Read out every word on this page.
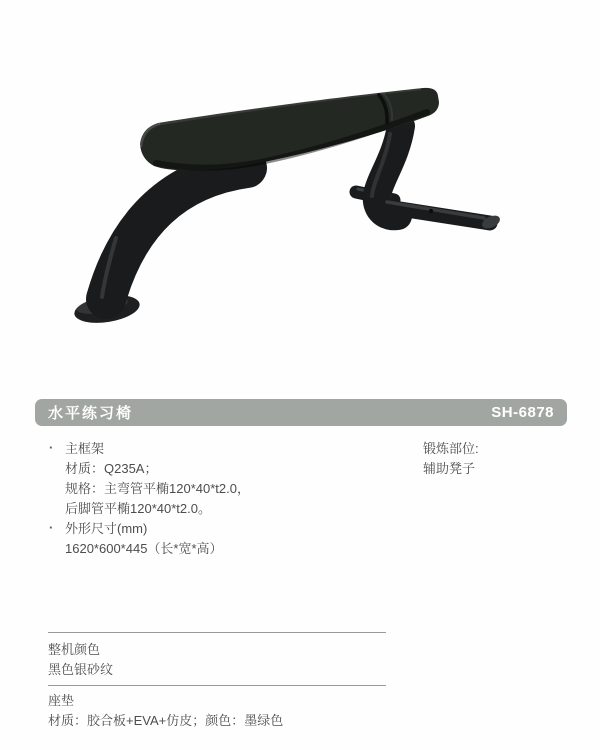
水平练习椅	SH-6878
· 主框架
材质：Q235A；
规格：主弯管平椭120*40*t2.0，
后脚管平椭120*40*t2.0。
· 外形尺寸(mm)
1620*600*445（长*宽*高）
锻炼部位:
辅助凳子
整机颜色
黑色银砂纹
座垫
材质：胶合板+EVA+仿皮；颜色：墨绿色
